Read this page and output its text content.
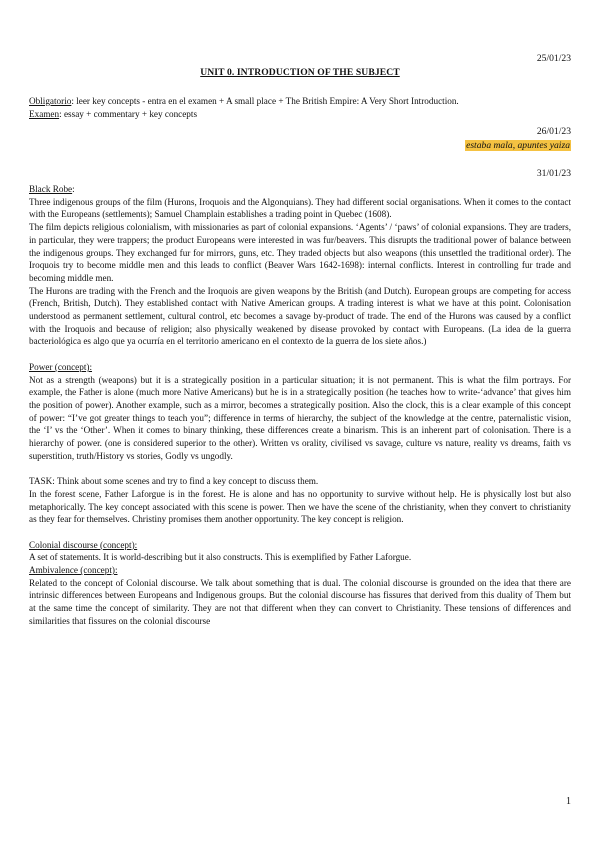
25/01/23
UNIT 0. INTRODUCTION OF THE SUBJECT

Obligatorio: leer key concepts - entra en el examen + A small place + The British Empire: A Very Short Introduction.

Examen: essay + commentary + key concepts

26/01/23
estaba mala, apuntes yaiza
31/01/23

Black Robe:

Three indigenous groups of the film (Hurons, Iroquois and the Algonquians). They had different social organisations. When it comes to the contact with the Europeans (settlements); Samuel Champlain establishes a trading point in Quebec (1608).

The film depicts religious colonialism, with missionaries as part of colonial expansions. ‘Agents’ / ‘paws’ of colonial expansions. They are traders, in particular, they were trappers; the product Europeans were interested in was fur/beavers. This disrupts the traditional power of balance between the indigenous groups. They exchanged fur for mirrors, guns, etc. They traded objects but also weapons (this unsettled the traditional order). The Iroquois try to become middle men and this leads to conflict (Beaver Wars 1642-1698): internal conflicts. Interest in controlling fur trade and becoming middle men.

The Hurons are trading with the French and the Iroquois are given weapons by the British (and Dutch). European groups are competing for access (French, British, Dutch). They established contact with Native American groups. A trading interest is what we have at this point. Colonisation understood as permanent settlement, cultural control, etc becomes a savage by-product of trade. The end of the Hurons was caused by a conflict with the Iroquois and because of religion; also physically weakened by disease provoked by contact with Europeans. (La idea de la guerra bacteriológica es algo que ya ocurría en el territorio americano en el contexto de la guerra de los siete años.)

Power (concept):

Not as a strength (weapons) but it is a strategically position in a particular situation; it is not permanent. This is what the film portrays. For example, the Father is alone (much more Native Americans) but he is in a strategically position (he teaches how to write-‘advance’ that gives him the position of power). Another example, such as a mirror, becomes a strategically position. Also the clock, this is a clear example of this concept of power: “I’ve got greater things to teach you”; difference in terms of hierarchy, the subject of the knowledge at the centre, paternalistic vision, the ‘I’ vs the ‘Other’. When it comes to binary thinking, these differences create a binarism. This is an inherent part of colonisation. There is a hierarchy of power. (one is considered superior to the other). Written vs orality, civilised vs savage, culture vs nature, reality vs dreams, faith vs superstition, truth/History vs stories, Godly vs ungodly.

TASK: Think about some scenes and try to find a key concept to discuss them.

In the forest scene, Father Laforgue is in the forest. He is alone and has no opportunity to survive without help. He is physically lost but also metaphorically. The key concept associated with this scene is power. Then we have the scene of the christianity, when they convert to christianity as they fear for themselves. Christiny promises them another opportunity. The key concept is religion.

Colonial discourse (concept):

A set of statements. It is world-describing but it also constructs. This is exemplified by Father Laforgue.

Ambivalence (concept):

Related to the concept of Colonial discourse. We talk about something that is dual. The colonial discourse is grounded on the idea that there are intrinsic differences between Europeans and Indigenous groups. But the colonial discourse has fissures that derived from this duality of Them but at the same time the concept of similarity. They are not that different when they can convert to Christianity. These tensions of differences and similarities that fissures on the colonial discourse

1
